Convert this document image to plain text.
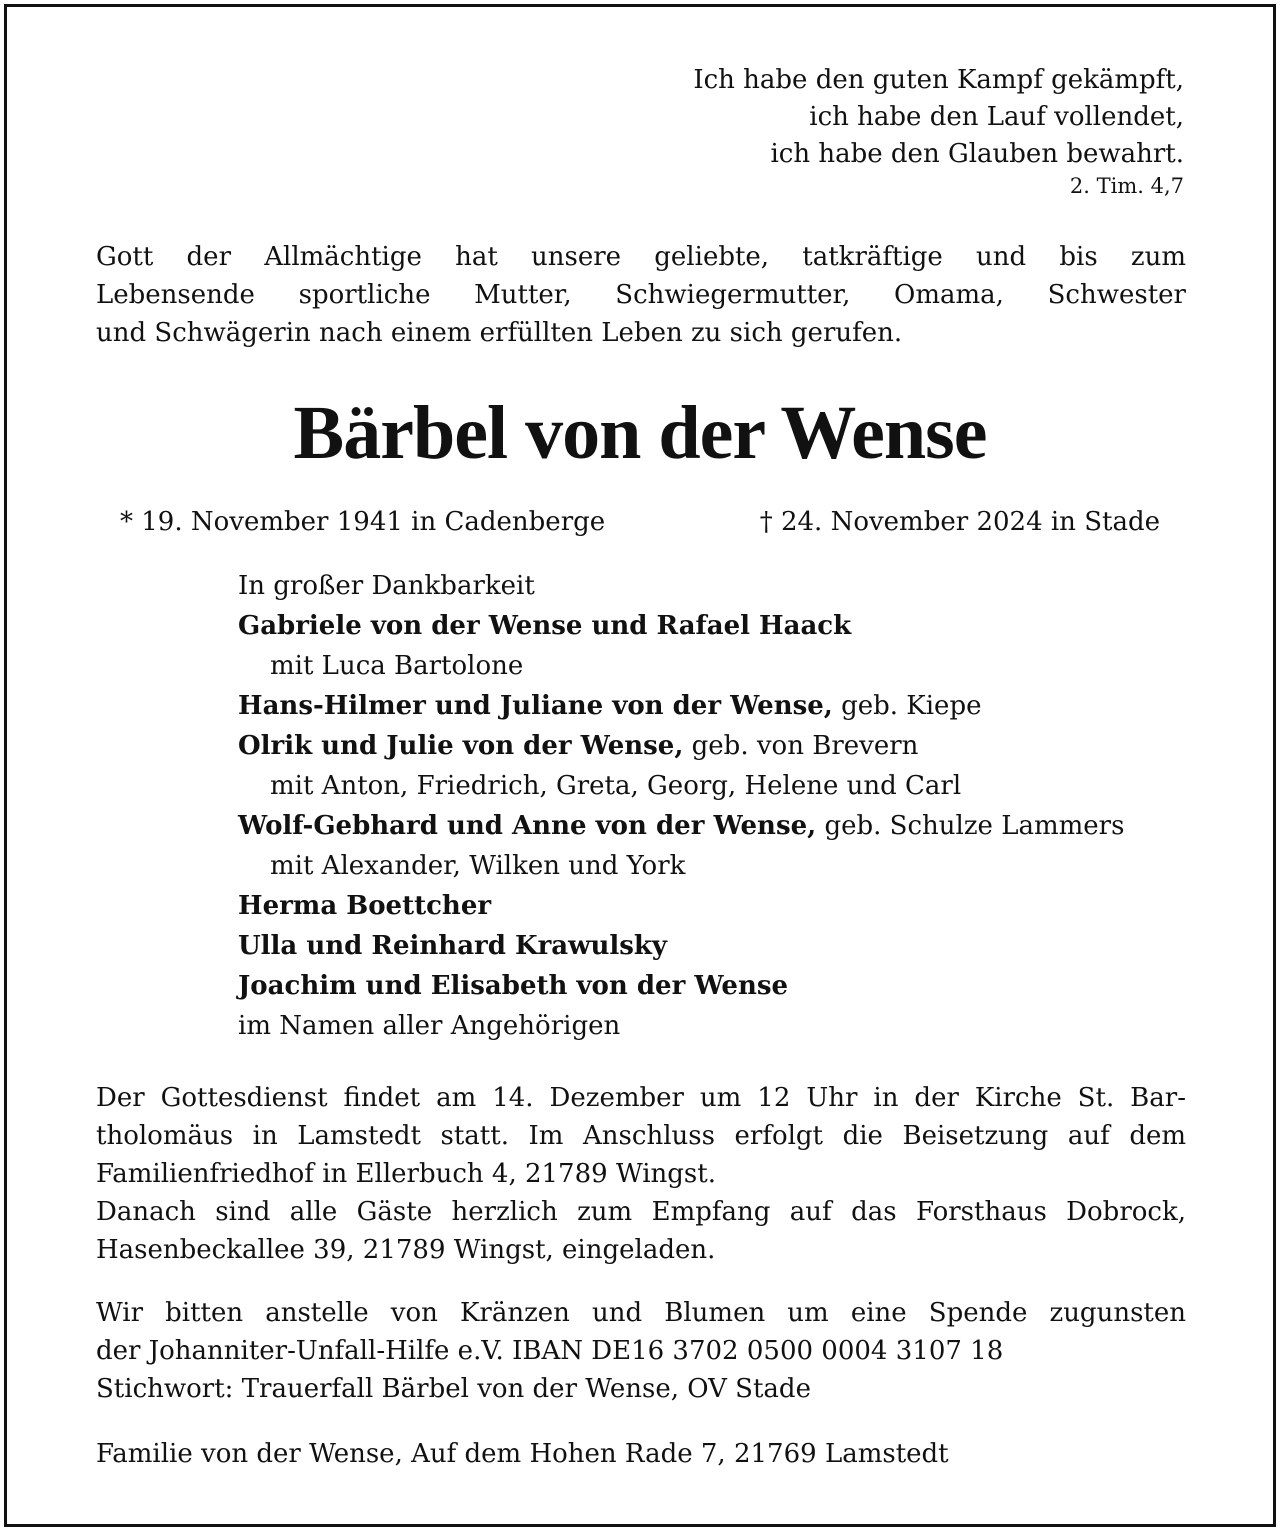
Ich habe den guten Kampf gekämpft,
ich habe den Lauf vollendet,
ich habe den Glauben bewahrt.
2. Tim. 4,7
Gott der Allmächtige hat unsere geliebte, tatkräftige und bis zum
Lebensende sportliche Mutter, Schwiegermutter, Omama, Schwester
und Schwägerin nach einem erfüllten Leben zu sich gerufen.
Bärbel von der Wense
* 19. November 1941 in Cadenberge	† 24. November 2024 in Stade
In großer Dankbarkeit
Gabriele von der Wense und Rafael Haack
mit Luca Bartolone
Hans-Hilmer und Juliane von der Wense, geb. Kiepe
Olrik und Julie von der Wense, geb. von Brevern
mit Anton, Friedrich, Greta, Georg, Helene und Carl
Wolf-Gebhard und Anne von der Wense, geb. Schulze Lammers
mit Alexander, Wilken und York
Herma Boettcher
Ulla und Reinhard Krawulsky
Joachim und Elisabeth von der Wense
im Namen aller Angehörigen
Der Gottesdienst findet am 14. Dezember um 12 Uhr in der Kirche St. Bar-
tholomäus in Lamstedt statt. Im Anschluss erfolgt die Beisetzung auf dem
Familienfriedhof in Ellerbuch 4, 21789 Wingst.
Danach sind alle Gäste herzlich zum Empfang auf das Forsthaus Dobrock,
Hasenbeckallee 39, 21789 Wingst, eingeladen.
Wir bitten anstelle von Kränzen und Blumen um eine Spende zugunsten
der Johanniter-Unfall-Hilfe e.V. IBAN DE16 3702 0500 0004 3107 18
Stichwort: Trauerfall Bärbel von der Wense, OV Stade
Familie von der Wense, Auf dem Hohen Rade 7, 21769 Lamstedt
